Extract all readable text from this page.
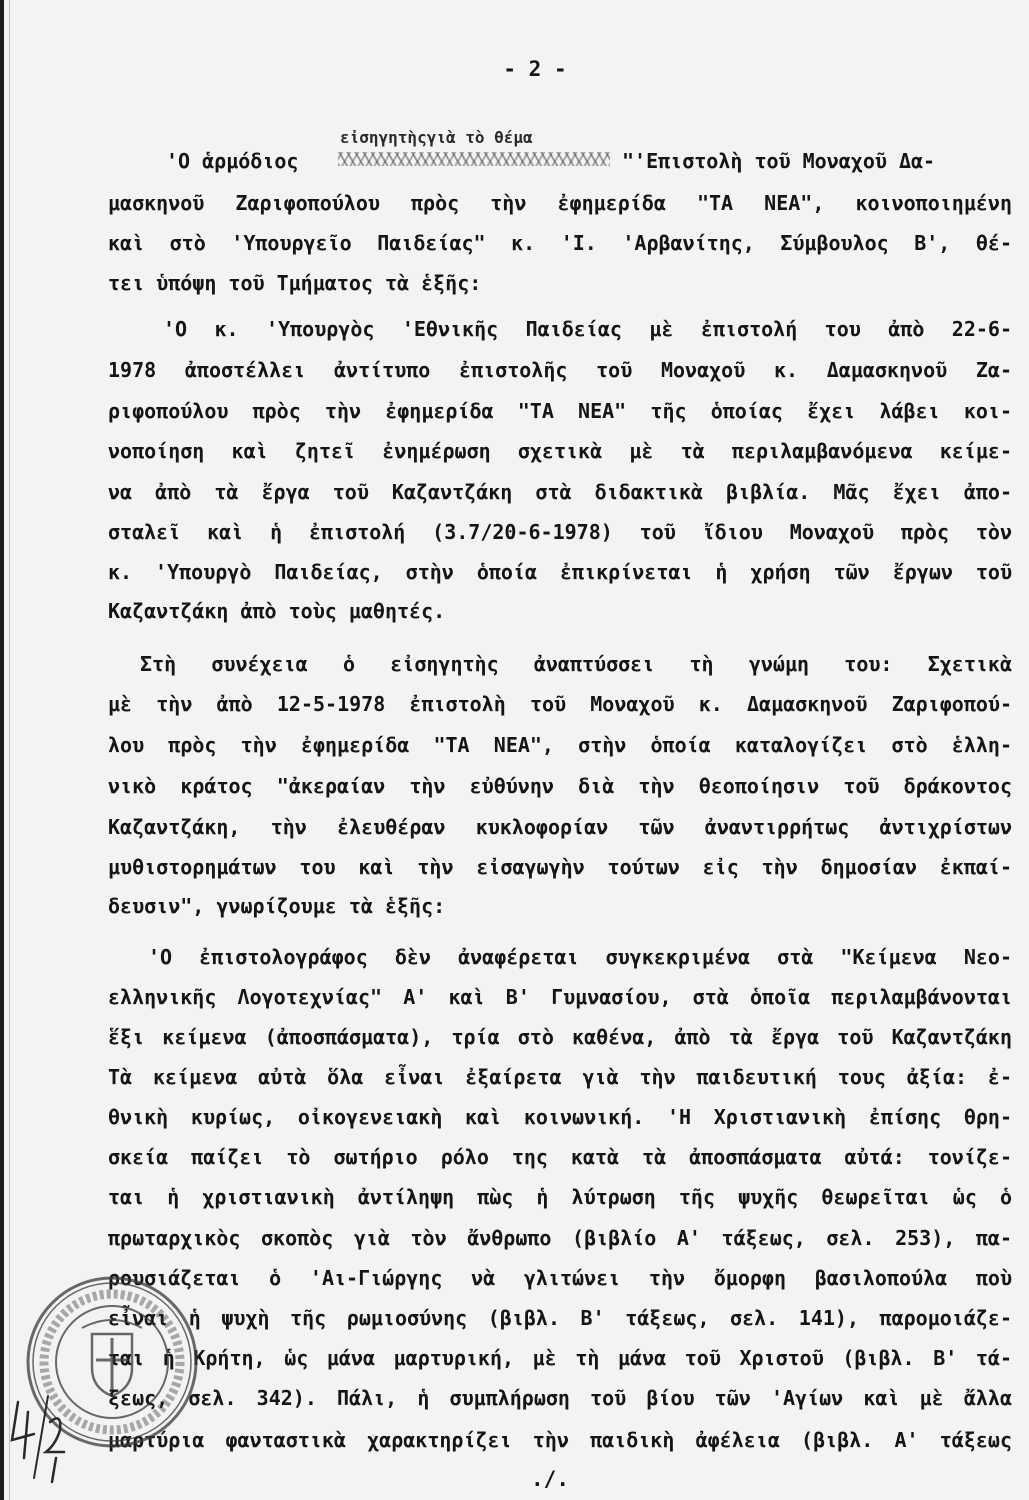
- 2 -
εἰσηγητὴςγιὰ τὸ θέμα
'Ο ἁρμόδιος	"'Επιστολὴ τοῦ Μοναχοῦ Δα-
μασκηνοῦ Ζαριφοπούλου πρὸς τὴν ἐφημερίδα "ΤΑ ΝΕΑ", κοινοποιημένη
καὶ στὸ 'Υπουργεῖο Παιδείας" κ. 'Ι. 'Αρβανίτης, Σύμβουλος Β', θέ-
τει ὑπόψη τοῦ Τμήματος τὰ ἑξῆς:
'Ο κ. 'Υπουργὸς 'Εθνικῆς Παιδείας μὲ ἐπιστολή του ἀπὸ 22-6-
1978 ἀποστέλλει ἀντίτυπο ἐπιστολῆς τοῦ Μοναχοῦ κ. Δαμασκηνοῦ Ζα-
ριφοπούλου πρὸς τὴν ἐφημερίδα "ΤΑ ΝΕΑ" τῆς ὁποίας ἔχει λάβει κοι-
νοποίηση καὶ ζητεῖ ἐνημέρωση σχετικὰ μὲ τὰ περιλαμβανόμενα κείμε-
να ἀπὸ τὰ ἔργα τοῦ Καζαντζάκη στὰ διδακτικὰ βιβλία. Μᾶς ἔχει ἀπο-
σταλεῖ καὶ ἡ ἐπιστολή (3.7/20-6-1978) τοῦ ἴδιου Μοναχοῦ πρὸς τὸν
κ. 'Υπουργὸ Παιδείας, στὴν ὁποία ἐπικρίνεται ἡ χρήση τῶν ἔργων τοῦ
Καζαντζάκη ἀπὸ τοὺς μαθητές.
Στὴ συνέχεια ὁ εἰσηγητὴς ἀναπτύσσει τὴ γνώμη του: Σχετικὰ
μὲ τὴν ἀπὸ 12-5-1978 ἐπιστολὴ τοῦ Μοναχοῦ κ. Δαμασκηνοῦ Ζαριφοπού-
λου πρὸς τὴν ἐφημερίδα "ΤΑ ΝΕΑ", στὴν ὁποία καταλογίζει στὸ ἑλλη-
νικὸ κράτος "ἀκεραίαν τὴν εὐθύνην διὰ τὴν θεοποίησιν τοῦ δράκοντος
Καζαντζάκη, τὴν ἐλευθέραν κυκλοφορίαν τῶν ἀναντιρρήτως ἀντιχρίστων
μυθιστορημάτων του καὶ τὴν εἰσαγωγὴν τούτων εἰς τὴν δημοσίαν ἐκπαί-
δευσιν", γνωρίζουμε τὰ ἑξῆς:
'Ο ἐπιστολογράφος δὲν ἀναφέρεται συγκεκριμένα στὰ "Κείμενα Νεο-
ελληνικῆς Λογοτεχνίας" Α' καὶ Β' Γυμνασίου, στὰ ὁποῖα περιλαμβάνονται
ἕξι κείμενα (ἀποσπάσματα), τρία στὸ καθένα, ἀπὸ τὰ ἔργα τοῦ Καζαντζάκη
Τὰ κείμενα αὐτὰ ὅλα εἶναι ἐξαίρετα γιὰ τὴν παιδευτική τους ἀξία: ἐ-
θνικὴ κυρίως, οἰκογενειακὴ καὶ κοινωνική. 'Η Χριστιανικὴ ἐπίσης θρη-
σκεία παίζει τὸ σωτήριο ρόλο της κατὰ τὰ ἀποσπάσματα αὐτά: τονίζε-
ται ἡ χριστιανικὴ ἀντίληψη πὼς ἡ λύτρωση τῆς ψυχῆς θεωρεῖται ὡς ὁ
πρωταρχικὸς σκοπὸς γιὰ τὸν ἄνθρωπο (βιβλίο Α' τάξεως, σελ. 253), πα-
ρουσιάζεται ὁ 'Αι-Γιώργης νὰ γλιτώνει τὴν ὄμορφη βασιλοπούλα ποὺ
εἶναι ἡ ψυχὴ τῆς ρωμιοσύνης (βιβλ. Β' τάξεως, σελ. 141), παρομοιάζε-
ται ἡ Κρήτη, ὡς μάνα μαρτυρική, μὲ τὴ μάνα τοῦ Χριστοῦ (βιβλ. Β' τά-
ξεως, σελ. 342). Πάλι, ἡ συμπλήρωση τοῦ βίου τῶν 'Αγίων καὶ μὲ ἄλλα
μαρτύρια φανταστικὰ χαρακτηρίζει τὴν παιδικὴ ἀφέλεια (βιβλ. Α' τάξεως
./.
